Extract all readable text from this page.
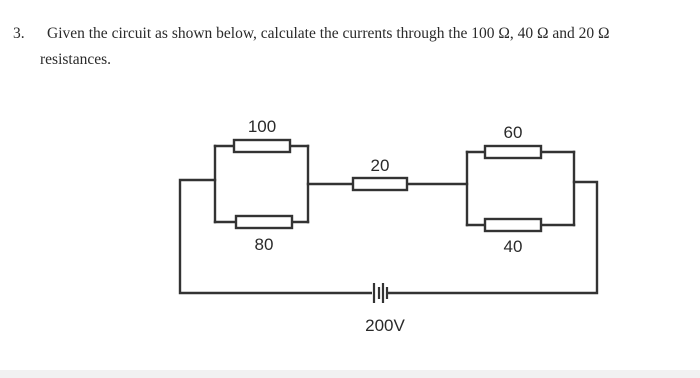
3. Given the circuit as shown below, calculate the currents through the 100 Ω, 40 Ω and 20 Ω
resistances.
100
80
20
60
40
200V
